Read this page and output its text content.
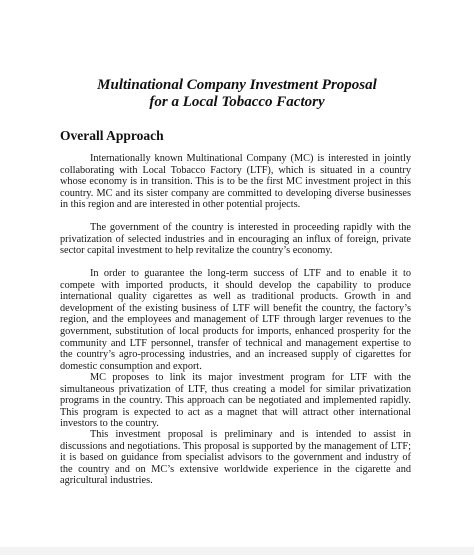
Multinational Company Investment Proposal
for a Local Tobacco Factory
Overall Approach

Internationally known Multinational Company (MC) is interested in jointly collaborating with Local Tobacco Factory (LTF), which is situated in a country whose economy is in transition. This is to be the first MC investment project in this country. MC and its sister company are committed to developing diverse businesses in this region and are interested in other potential projects.

The government of the country is interested in proceeding rapidly with the privatization of selected industries and in encouraging an influx of foreign, private sector capital investment to help revitalize the country’s economy.

In order to guarantee the long-term success of LTF and to enable it to compete with imported products, it should develop the capability to produce international quality cigarettes as well as traditional products. Growth in and development of the existing business of LTF will benefit the country, the factory’s region, and the employees and management of LTF through larger revenues to the government, substitution of local products for imports, enhanced prosperity for the community and LTF personnel, transfer of technical and management expertise to the country’s agro-processing industries, and an increased supply of cigarettes for domestic consumption and export.

MC proposes to link its major investment program for LTF with the simultaneous privatization of LTF, thus creating a model for similar privatization programs in the country. This approach can be negotiated and implemented rapidly. This program is expected to act as a magnet that will attract other international investors to the country.

This investment proposal is preliminary and is intended to assist in discussions and negotiations. This proposal is supported by the management of LTF; it is based on guidance from specialist advisors to the government and industry of the country and on MC’s extensive worldwide experience in the cigarette and agricultural industries.
